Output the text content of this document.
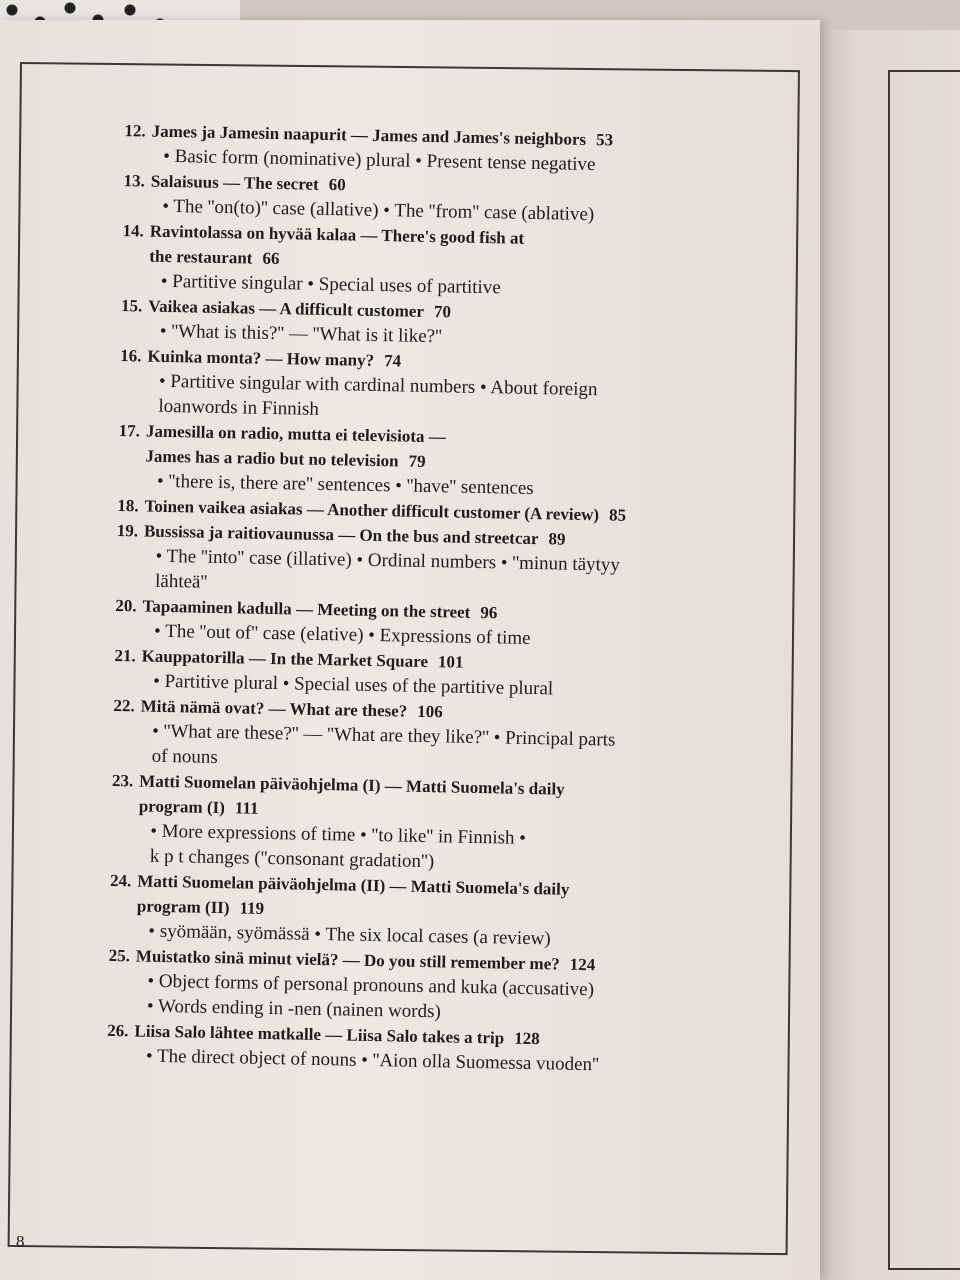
12. James ja Jamesin naapurit — James and James's neighbors 53
• Basic form (nominative) plural • Present tense negative
13. Salaisuus — The secret 60
• The ''on(to)'' case (allative) • The ''from'' case (ablative)
14. Ravintolassa on hyvää kalaa — There's good fish at
the restaurant 66
• Partitive singular • Special uses of partitive
15. Vaikea asiakas — A difficult customer 70
• ''What is this?'' — ''What is it like?''
16. Kuinka monta? — How many? 74
• Partitive singular with cardinal numbers • About foreign
loanwords in Finnish
17. Jamesilla on radio, mutta ei televisiota —
James has a radio but no television 79
• ''there is, there are'' sentences • ''have'' sentences
18. Toinen vaikea asiakas — Another difficult customer (A review) 85
19. Bussissa ja raitiovaunussa — On the bus and streetcar 89
• The ''into'' case (illative) • Ordinal numbers • ''minun täytyy
lähteä''
20. Tapaaminen kadulla — Meeting on the street 96
• The ''out of'' case (elative) • Expressions of time
21. Kauppatorilla — In the Market Square 101
• Partitive plural • Special uses of the partitive plural
22. Mitä nämä ovat? — What are these? 106
• ''What are these?'' — ''What are they like?'' • Principal parts
of nouns
23. Matti Suomelan päiväohjelma (I) — Matti Suomela's daily
program (I) 111
• More expressions of time • ''to like'' in Finnish •
k p t changes (''consonant gradation'')
24. Matti Suomelan päiväohjelma (II) — Matti Suomela's daily
program (II) 119
• syömään, syömässä • The six local cases (a review)
25. Muistatko sinä minut vielä? — Do you still remember me? 124
• Object forms of personal pronouns and kuka (accusative)
• Words ending in -nen (nainen words)
26. Liisa Salo lähtee matkalle — Liisa Salo takes a trip 128
• The direct object of nouns • ''Aion olla Suomessa vuoden''
8
